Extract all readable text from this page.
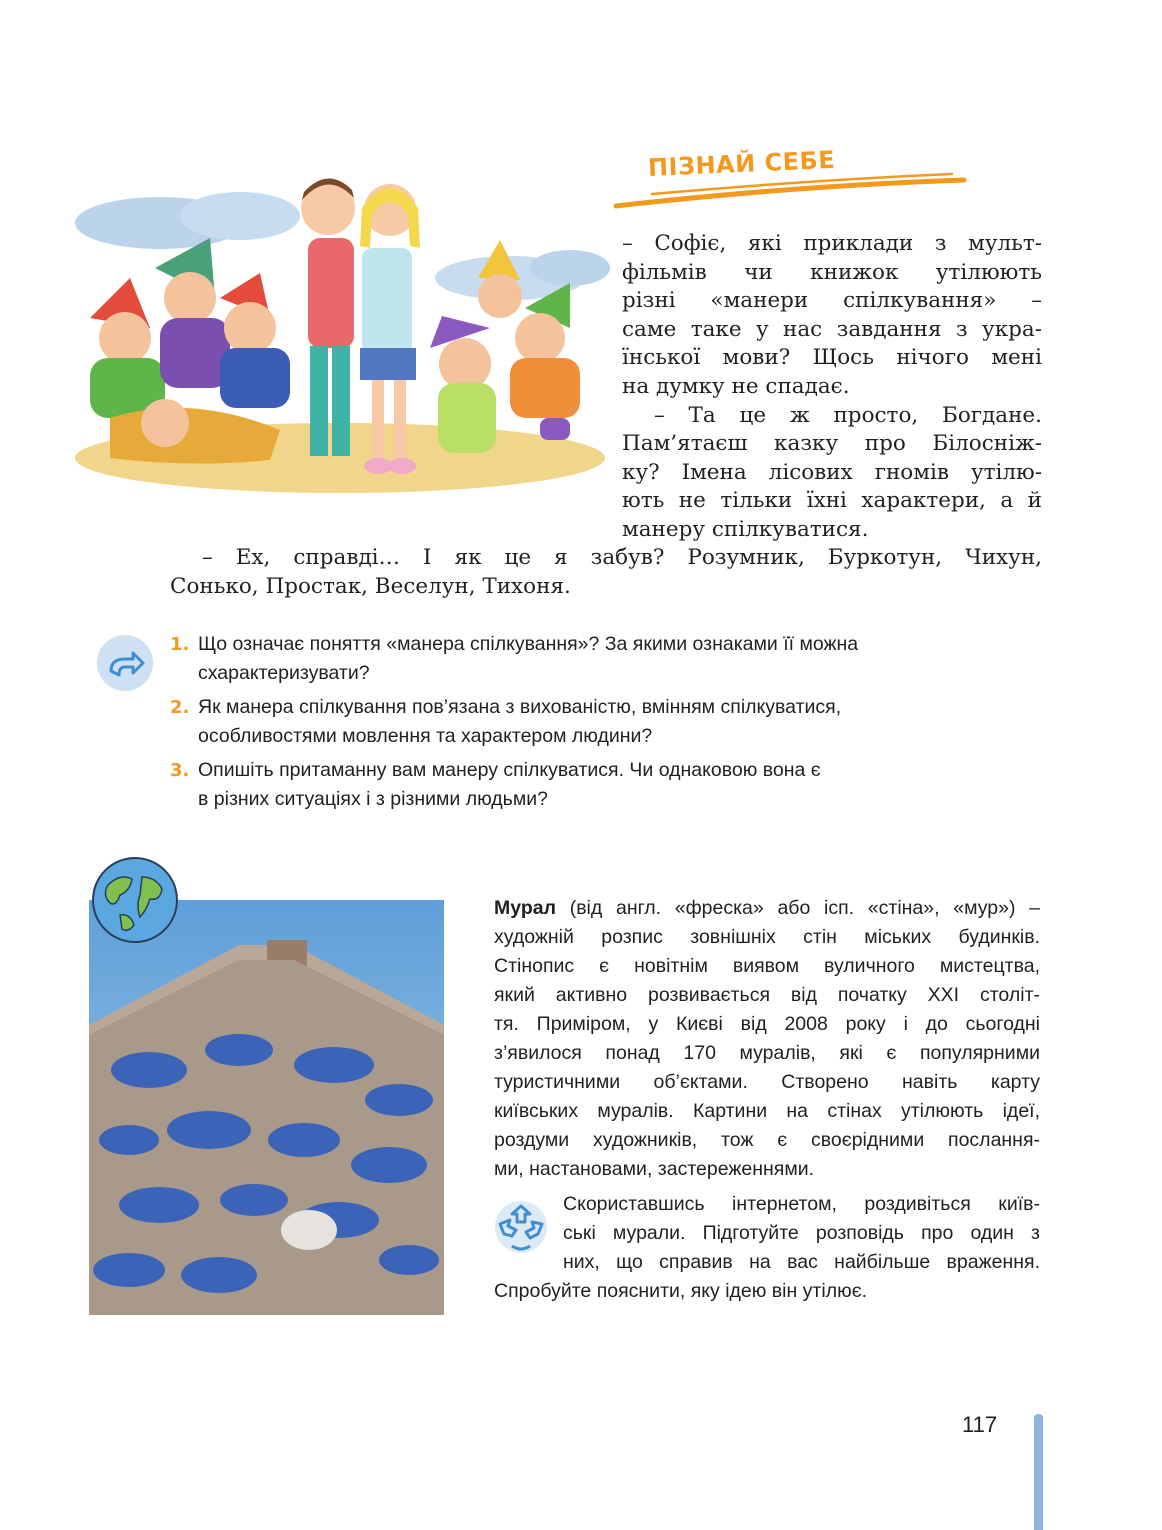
ПІЗНАЙ СЕБЕ
– Софіє, які приклади з мульт-
фільмів чи книжок утілюють
різні «манери спілкування» –
саме таке у нас завдання з укра-
їнської мови? Щось нічого мені
на думку не спадає.
– Та це ж просто, Богдане.
Пам’ятаєш казку про Білосніж-
ку? Імена лісових гномів утілю-
ють не тільки їхні характери, а й
манеру спілкуватися.
– Ех, справді… І як це я забув? Розумник, Буркотун, Чихун,
Сонько, Простак, Веселун, Тихоня.
1. Що означає поняття «манера спілкування»? За якими ознаками її можна
схарактеризувати?
2. Як манера спілкування пов’язана з вихованістю, вмінням спілкуватися,
особливостями мовлення та характером людини?
3. Опишіть притаманну вам манеру спілкуватися. Чи однаковою вона є
в різних ситуаціях і з різними людьми?
Мурал (від англ. «фреска» або ісп. «стіна», «мур») –
художній розпис зовнішніх стін міських будинків.
Стінопис є новітнім виявом вуличного мистецтва,
який активно розвивається від початку XXI століт-
тя. Приміром, у Києві від 2008 року і до сьогодні
з’явилося понад 170 муралів, які є популярними
туристичними об’єктами. Створено навіть карту
київських муралів. Картини на стінах утілюють ідеї,
роздуми художників, тож є своєрідними послання-
ми, настановами, застереженнями.
Скориставшись інтернетом, роздивіться київ-
ські мурали. Підготуйте розповідь про один з
них, що справив на вас найбільше враження.
Спробуйте пояснити, яку ідею він утілює.
117
